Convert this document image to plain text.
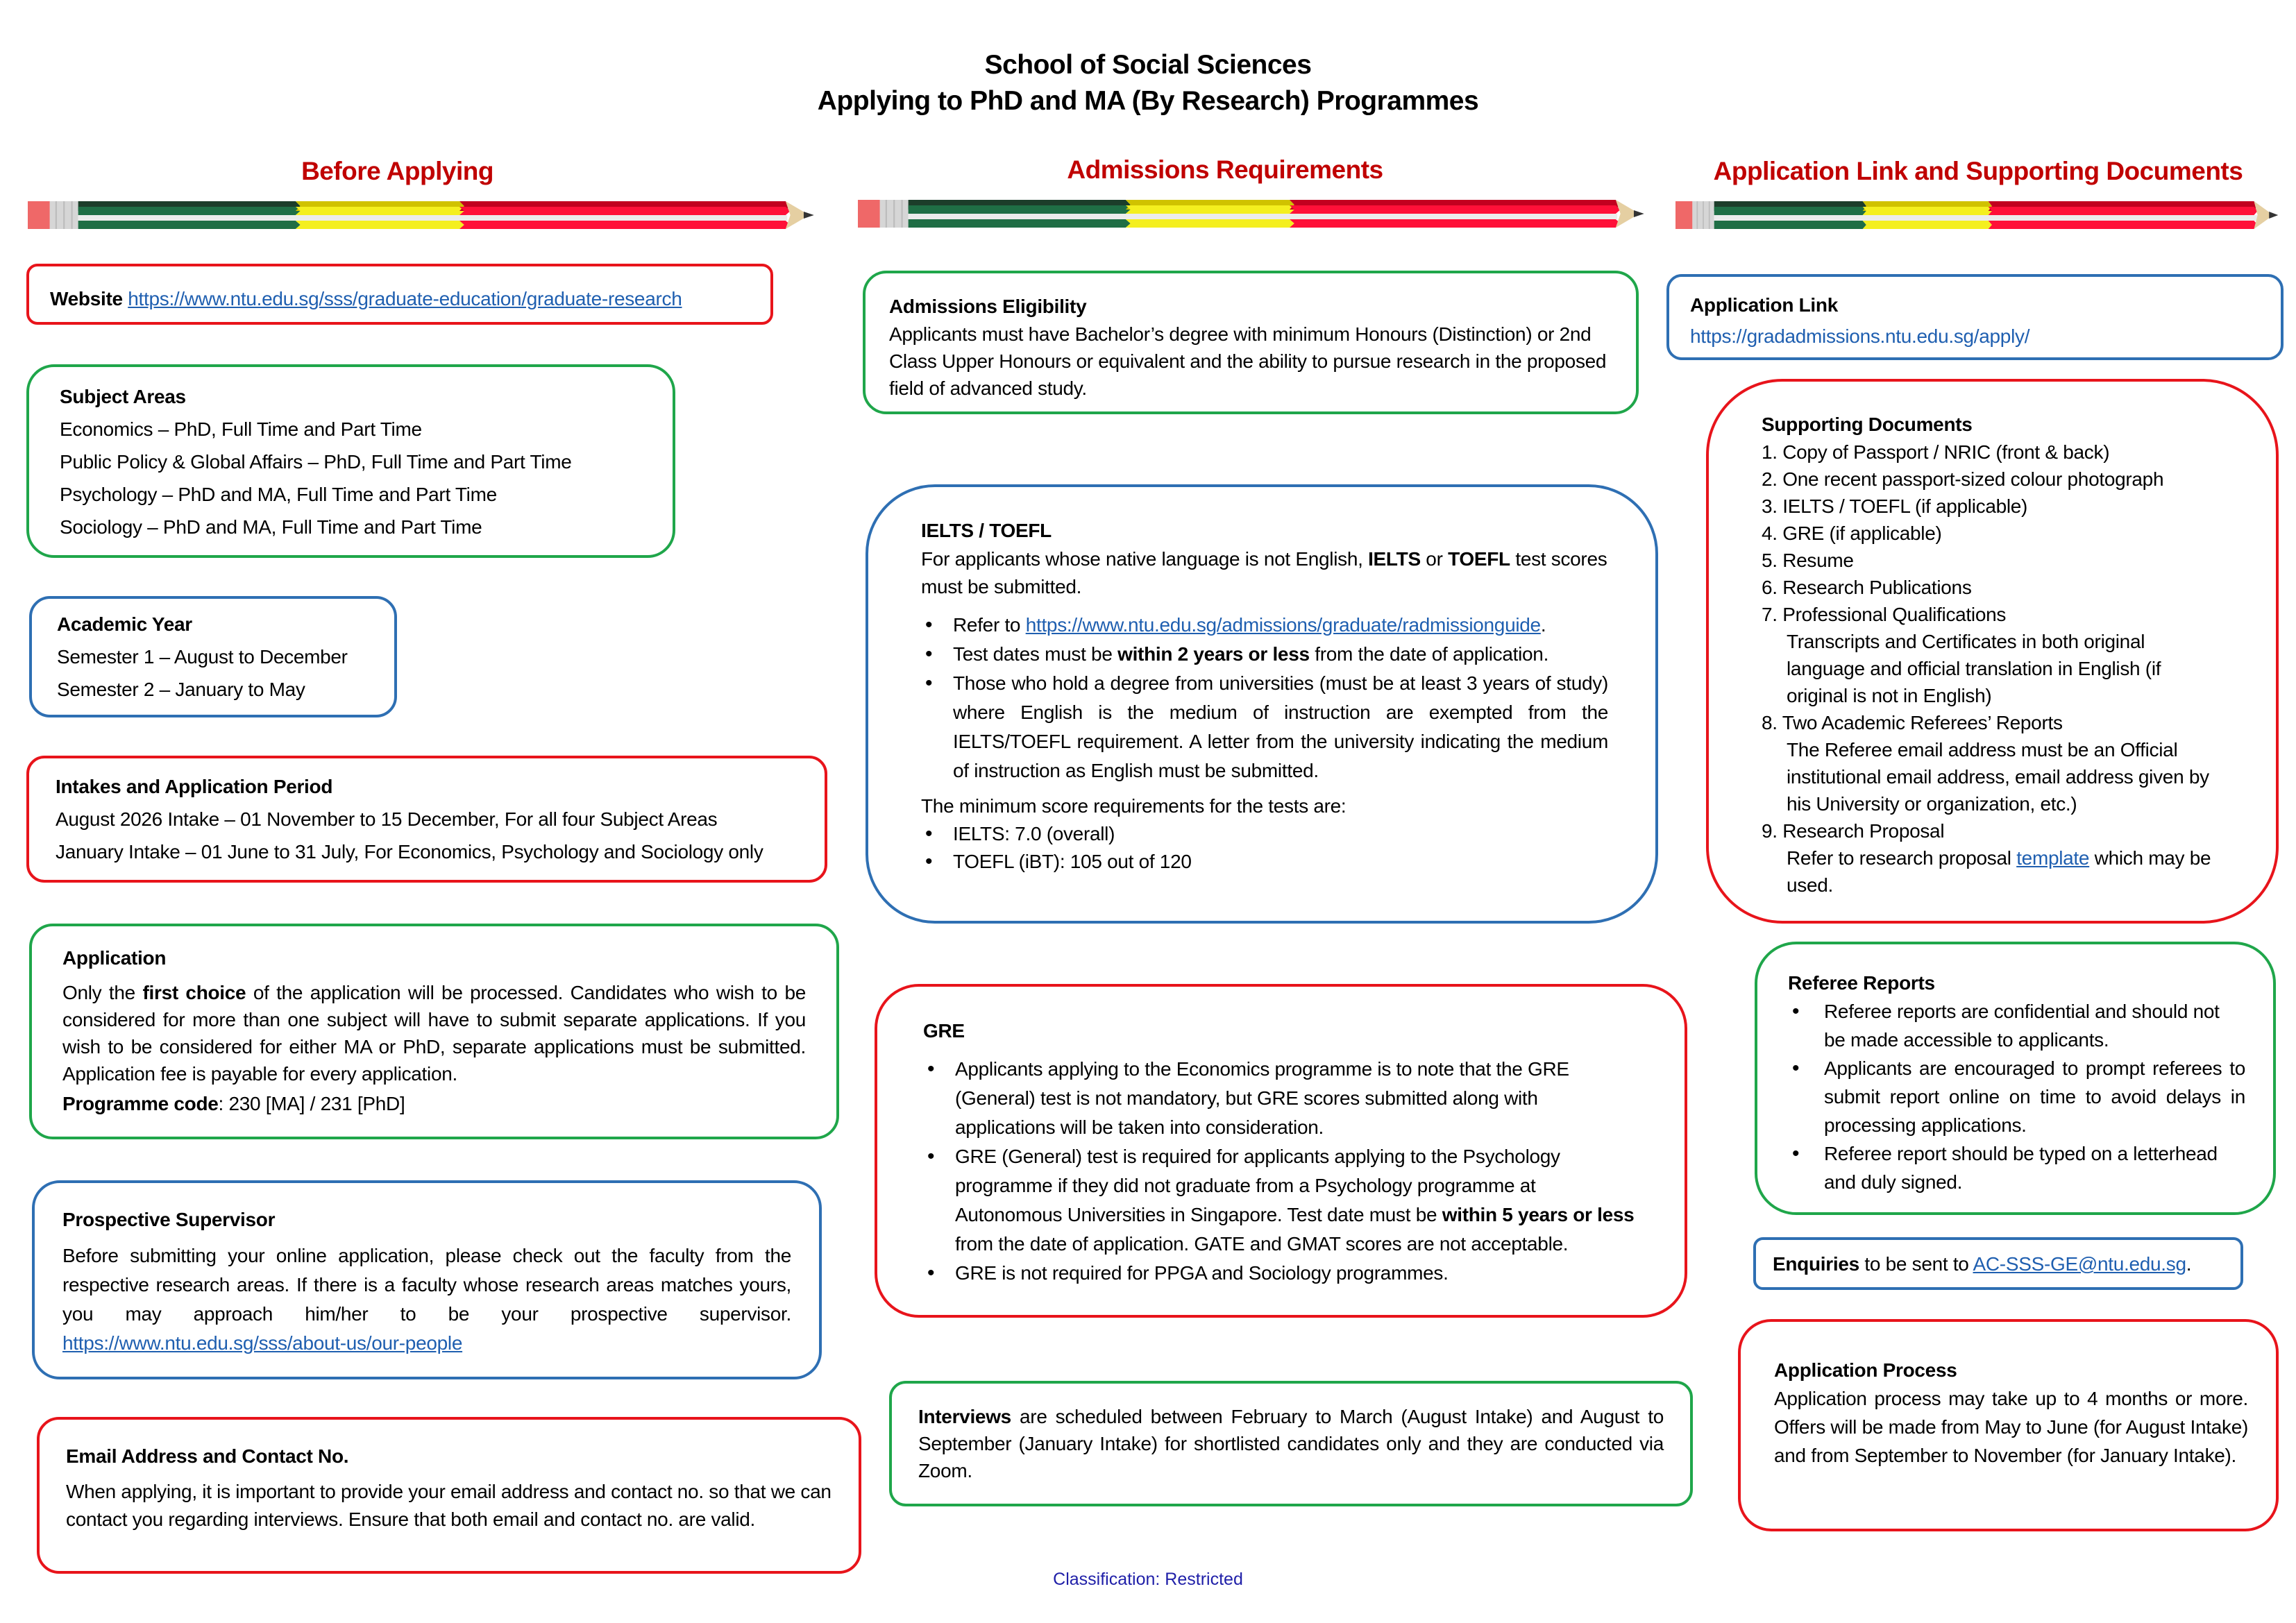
School of Social Sciences
Applying to PhD and MA (By Research) Programmes
Before Applying	Admissions Requirements	Application Link and Supporting Documents

Website https://www.ntu.edu.sg/sss/graduate-education/graduate-research

Subject Areas
Economics – PhD, Full Time and Part Time
Public Policy & Global Affairs – PhD, Full Time and Part Time
Psychology – PhD and MA, Full Time and Part Time
Sociology – PhD and MA, Full Time and Part Time
Academic Year
Semester 1 – August to December
Semester 2 – January to May
Intakes and Application Period
August 2026 Intake – 01 November to 15 December, For all four Subject Areas
January Intake – 01 June to 31 July, For Economics, Psychology and Sociology only
Application

Only the first choice of the application will be processed. Candidates who wish to be considered for more than one subject will have to submit separate applications. If you wish to be considered for either MA or PhD, separate applications must be submitted. Application fee is payable for every application.

Programme code: 230 [MA] / 231 [PhD]

Prospective Supervisor

Before submitting your online application, please check out the faculty from the respective research areas. If there is a faculty whose research areas matches yours, you may approach him/her to be your prospective supervisor. https://www.ntu.edu.sg/sss/about-us/our-people

Email Address and Contact No.

When applying, it is important to provide your email address and contact no. so that we can contact you regarding interviews. Ensure that both email and contact no. are valid.

Admissions Eligibility

Applicants must have Bachelor’s degree with minimum Honours (Distinction) or 2nd Class Upper Honours or equivalent and the ability to pursue research in the proposed field of advanced study.

IELTS / TOEFL

For applicants whose native language is not English, IELTS or TOEFL test scores must be submitted.

• Refer to https://www.ntu.edu.sg/admissions/graduate/radmissionguide.
• Test dates must be within 2 years or less from the date of application.
• Those who hold a degree from universities (must be at least 3 years of study) where English is the medium of instruction are exempted from the IELTS/TOEFL requirement. A letter from the university indicating the medium of instruction as English must be submitted.

The minimum score requirements for the tests are:

• IELTS: 7.0 (overall)
• TOEFL (iBT): 105 out of 120
GRE
• Applicants applying to the Economics programme is to note that the GRE (General) test is not mandatory, but GRE scores submitted along with applications will be taken into consideration.
• GRE (General) test is required for applicants applying to the Psychology programme if they did not graduate from a Psychology programme at Autonomous Universities in Singapore. Test date must be within 5 years or less from the date of application. GATE and GMAT scores are not acceptable.
• GRE is not required for PPGA and Sociology programmes.

Interviews are scheduled between February to March (August Intake) and August to September (January Intake) for shortlisted candidates only and they are conducted via Zoom.

Application Link
https://gradadmissions.ntu.edu.sg/apply/
Supporting Documents
1. Copy of Passport / NRIC (front & back)
2. One recent passport-sized colour photograph
3. IELTS / TOEFL (if applicable)
4. GRE (if applicable)
5. Resume
6. Research Publications
7. Professional Qualifications
Transcripts and Certificates in both original language and official translation in English (if original is not in English)
8. Two Academic Referees’ Reports
The Referee email address must be an Official institutional email address, email address given by his University or organization, etc.)
9. Research Proposal
Refer to research proposal template which may be used.
Referee Reports
• Referee reports are confidential and should not be made accessible to applicants.
• Applicants are encouraged to prompt referees to submit report online on time to avoid delays in processing applications.
• Referee report should be typed on a letterhead and duly signed.

Enquiries to be sent to AC-SSS-GE@ntu.edu.sg.

Application Process

Application process may take up to 4 months or more. Offers will be made from May to June (for August Intake) and from September to November (for January Intake).

Classification: Restricted
